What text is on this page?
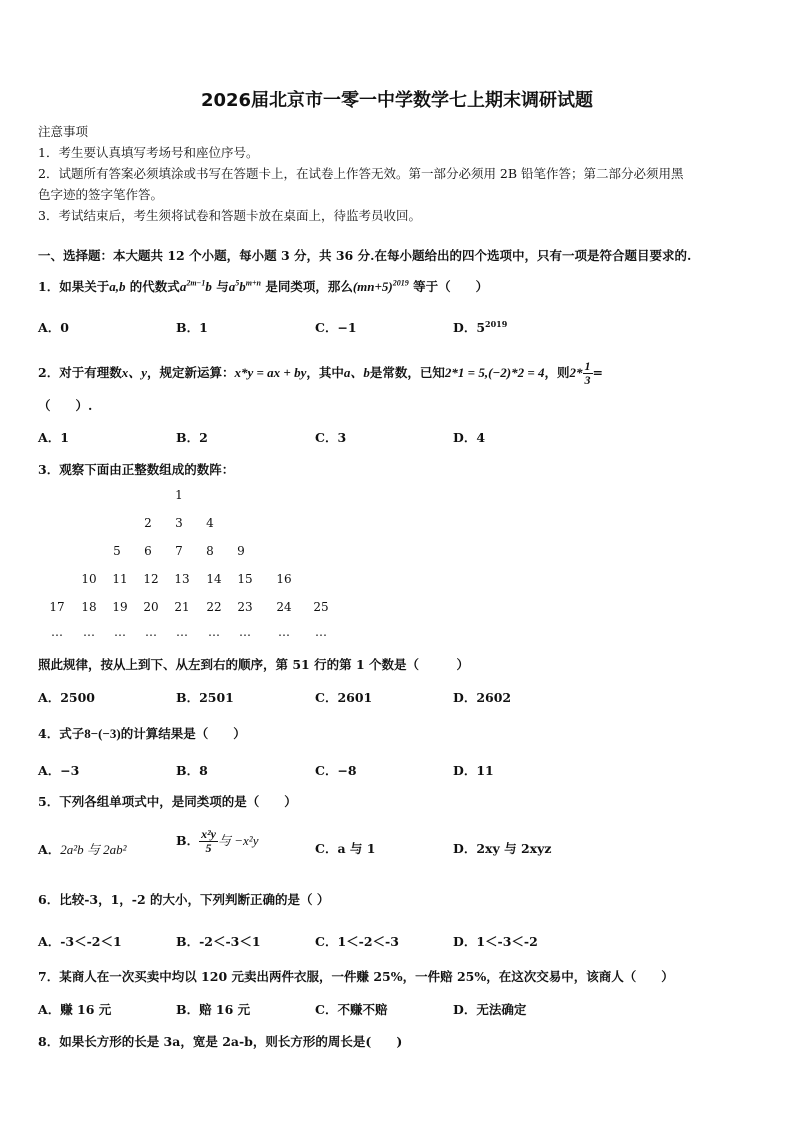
2026届北京市一零一中学数学七上期末调研试题
注意事项
1．考生要认真填写考场号和座位序号。
2．试题所有答案必须填涂或书写在答题卡上，在试卷上作答无效。第一部分必须用 2B 铅笔作答；第二部分必须用黑
色字迹的签字笔作答。
3．考试结束后，考生须将试卷和答题卡放在桌面上，待监考员收回。
一、选择题：本大题共 12 个小题，每小题 3 分，共 36 分.在每小题给出的四个选项中，只有一项是符合题目要求的.
1．如果关于a,b 的代数式$a^{2m-1}b$ 与$a^5b^{m+n}$ 是同类项，那么$(mn+5)^{2019}$ 等于（　　）
A．0	B．1	C．−1	D．$5^{2019}$
2．对于有理数x、y，规定新运算：x*y = ax + by，其中a、b是常数，已知2*1 = 5,(−2)*2 = 4，则$2* \frac{1}{3}$ =
（　　）.
A．1	B．2	C．3	D．4
3．观察下面由正整数组成的数阵：
1
2	3	4
5	6	7	8	9
10	11	12	13	14	15	16
17	18	19	20	21	22	23	24	25
…	…	…	…	…	…	…	…	…
照此规律，按从上到下、从左到右的顺序，第 51 行的第 1 个数是（　　　）
A．2500	B．2501	C．2601	D．2602
4．式子8−(−3)的计算结果是（　　）
A．−3	B．8	C．−8	D．11
5．下列各组单项式中，是同类项的是（　　）
A．2a²b 与 2ab²
B． $\frac{\text{x²y}}{5}$ 与 −x²y
C．a 与 1	D．2xy 与 2xyz
6．比较-3，1，-2 的大小，下列判断正确的是（ ）
A．-3＜-2＜1	B．-2＜-3＜1	C．1＜-2＜-3	D．1＜-3＜-2
7．某商人在一次买卖中均以 120 元卖出两件衣服，一件赚 25%，一件赔 25%，在这次交易中，该商人（　　）
A．赚 16 元	B．赔 16 元	C．不赚不赔	D．无法确定
8．如果长方形的长是 3a，宽是 2a-b，则长方形的周长是(　　)
